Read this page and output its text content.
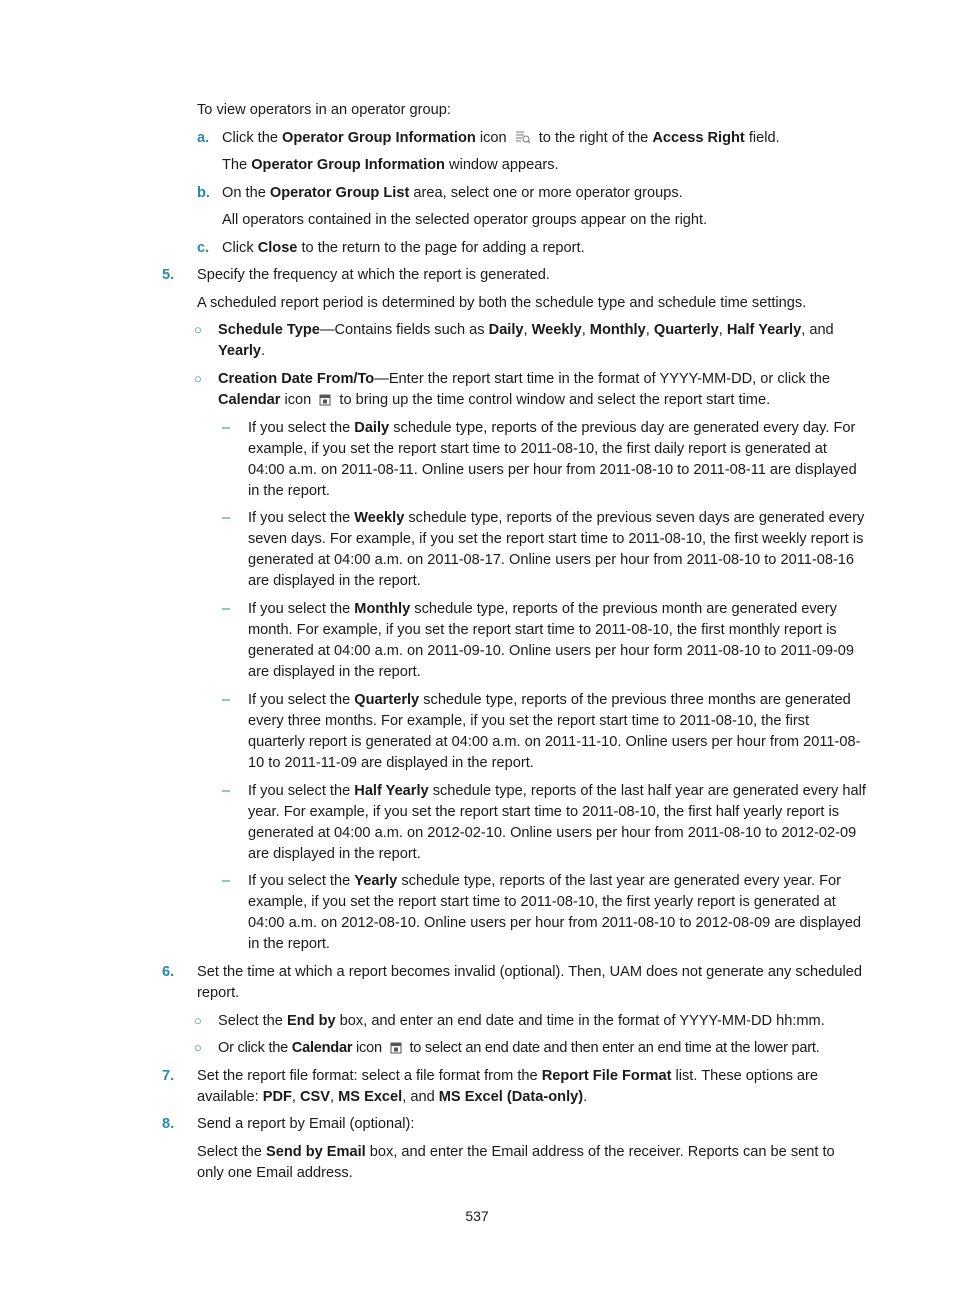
To view operators in an operator group:
a. Click the Operator Group Information icon  to the right of the Access Right field.
The Operator Group Information window appears.
b. On the Operator Group List area, select one or more operator groups.
All operators contained in the selected operator groups appear on the right.
c. Click Close to the return to the page for adding a report.
5. Specify the frequency at which the report is generated.
A scheduled report period is determined by both the schedule type and schedule time settings.
○ Schedule Type—Contains fields such as Daily, Weekly, Monthly, Quarterly, Half Yearly, and Yearly.
○ Creation Date From/To—Enter the report start time in the format of YYYY-MM-DD, or click the Calendar icon  to bring up the time control window and select the report start time.
– If you select the Daily schedule type, reports of the previous day are generated every day. For example, if you set the report start time to 2011-08-10, the first daily report is generated at 04:00 a.m. on 2011-08-11. Online users per hour from 2011-08-10 to 2011-08-11 are displayed in the report.
– If you select the Weekly schedule type, reports of the previous seven days are generated every seven days. For example, if you set the report start time to 2011-08-10, the first weekly report is generated at 04:00 a.m. on 2011-08-17. Online users per hour from 2011-08-10 to 2011-08-16 are displayed in the report.
– If you select the Monthly schedule type, reports of the previous month are generated every month. For example, if you set the report start time to 2011-08-10, the first monthly report is generated at 04:00 a.m. on 2011-09-10. Online users per hour form 2011-08-10 to 2011-09-09 are displayed in the report.
– If you select the Quarterly schedule type, reports of the previous three months are generated every three months. For example, if you set the report start time to 2011-08-10, the first quarterly report is generated at 04:00 a.m. on 2011-11-10. Online users per hour from 2011-08-10 to 2011-11-09 are displayed in the report.
– If you select the Half Yearly schedule type, reports of the last half year are generated every half year. For example, if you set the report start time to 2011-08-10, the first half yearly report is generated at 04:00 a.m. on 2012-02-10. Online users per hour from 2011-08-10 to 2012-02-09 are displayed in the report.
– If you select the Yearly schedule type, reports of the last year are generated every year. For example, if you set the report start time to 2011-08-10, the first yearly report is generated at 04:00 a.m. on 2012-08-10. Online users per hour from 2011-08-10 to 2012-08-09 are displayed in the report.
6. Set the time at which a report becomes invalid (optional). Then, UAM does not generate any scheduled report.
○ Select the End by box, and enter an end date and time in the format of YYYY-MM-DD hh:mm.
○ Or click the Calendar icon  to select an end date and then enter an end time at the lower part.
7. Set the report file format: select a file format from the Report File Format list. These options are available: PDF, CSV, MS Excel, and MS Excel (Data-only).
8. Send a report by Email (optional):
Select the Send by Email box, and enter the Email address of the receiver. Reports can be sent to only one Email address.
537
